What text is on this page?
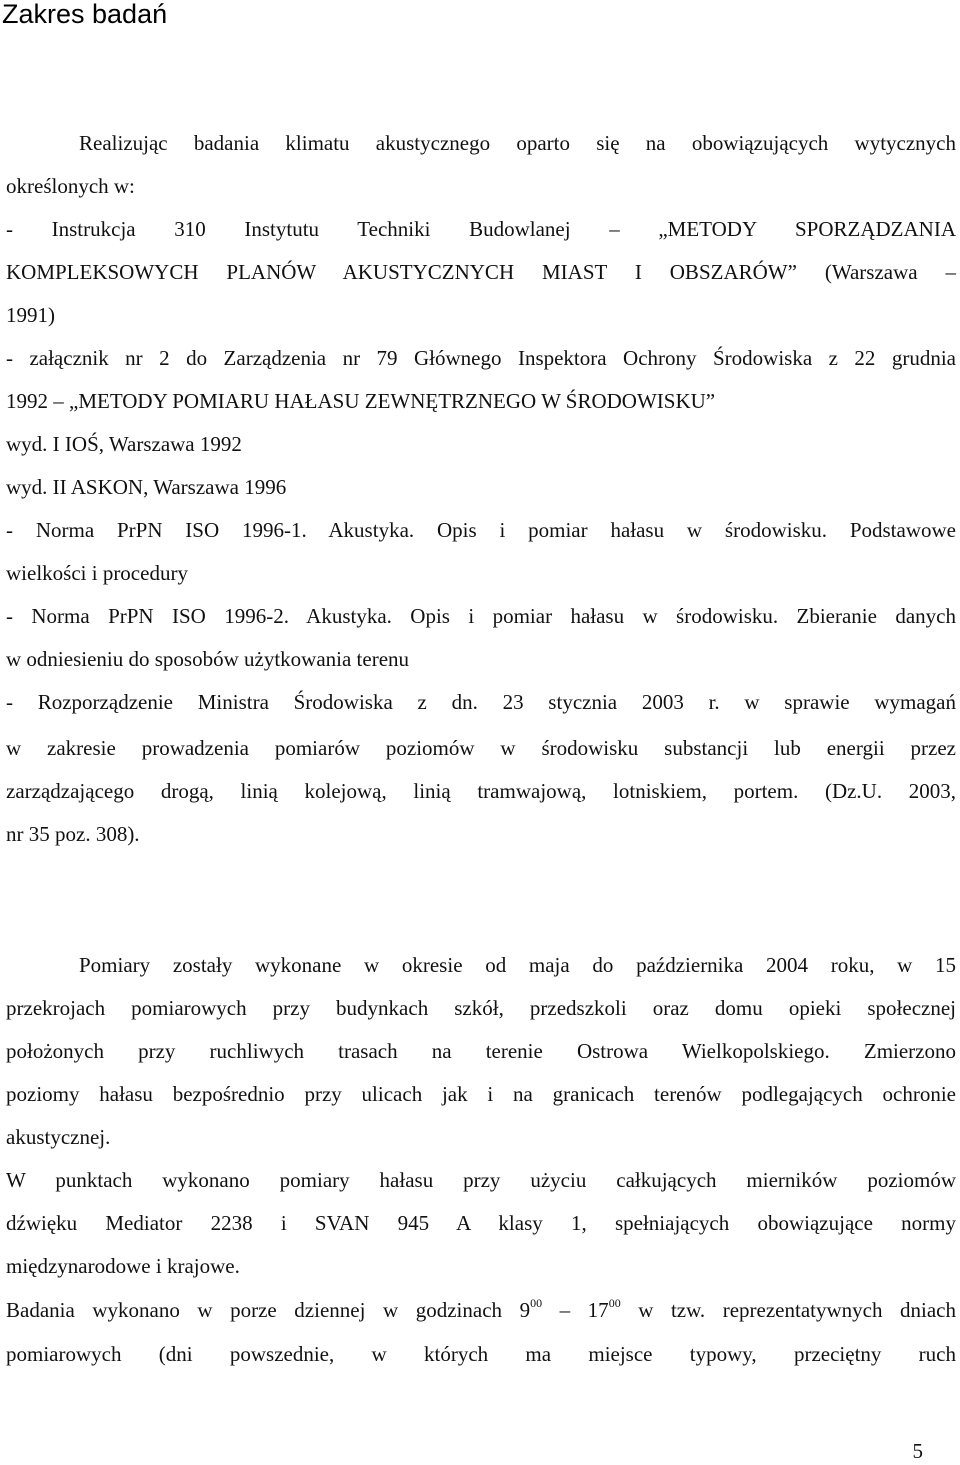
Zakres badań

Realizując badania klimatu akustycznego oparto się na obowiązujących wytycznych

określonych w:

- Instrukcja 310 Instytutu Techniki Budowlanej – „METODY SPORZĄDZANIA

KOMPLEKSOWYCH PLANÓW AKUSTYCZNYCH MIAST I OBSZARÓW” (Warszawa –

1991)

- załącznik nr 2 do Zarządzenia nr 79 Głównego Inspektora Ochrony Środowiska z 22 grudnia

1992 – „METODY POMIARU HAŁASU ZEWNĘTRZNEGO W ŚRODOWISKU”

wyd. I IOŚ, Warszawa 1992

wyd. II ASKON, Warszawa 1996

- Norma PrPN ISO 1996-1. Akustyka. Opis i pomiar hałasu w środowisku. Podstawowe

wielkości i procedury

- Norma PrPN ISO 1996-2. Akustyka. Opis i pomiar hałasu w środowisku. Zbieranie danych

w odniesieniu do sposobów użytkowania terenu

- Rozporządzenie Ministra Środowiska z dn. 23 stycznia 2003 r. w sprawie wymagań

w zakresie prowadzenia pomiarów poziomów w środowisku substancji lub energii przez

zarządzającego drogą, linią kolejową, linią tramwajową, lotniskiem, portem. (Dz.U. 2003,

nr 35 poz. 308).

Pomiary zostały wykonane w okresie od maja do października 2004 roku, w 15

przekrojach pomiarowych przy budynkach szkół, przedszkoli oraz domu opieki społecznej

położonych przy ruchliwych trasach na terenie Ostrowa Wielkopolskiego. Zmierzono

poziomy hałasu bezpośrednio przy ulicach jak i na granicach terenów podlegających ochronie

akustycznej.

W punktach wykonano pomiary hałasu przy użyciu całkujących mierników poziomów

dźwięku Mediator 2238 i SVAN 945 A klasy 1, spełniających obowiązujące normy

międzynarodowe i krajowe.

Badania wykonano w porze dziennej w godzinach $9^{00} - 17^{00}$ w tzw. reprezentatywnych dniach

pomiarowych (dni powszednie, w których ma miejsce typowy, przeciętny ruch

5
